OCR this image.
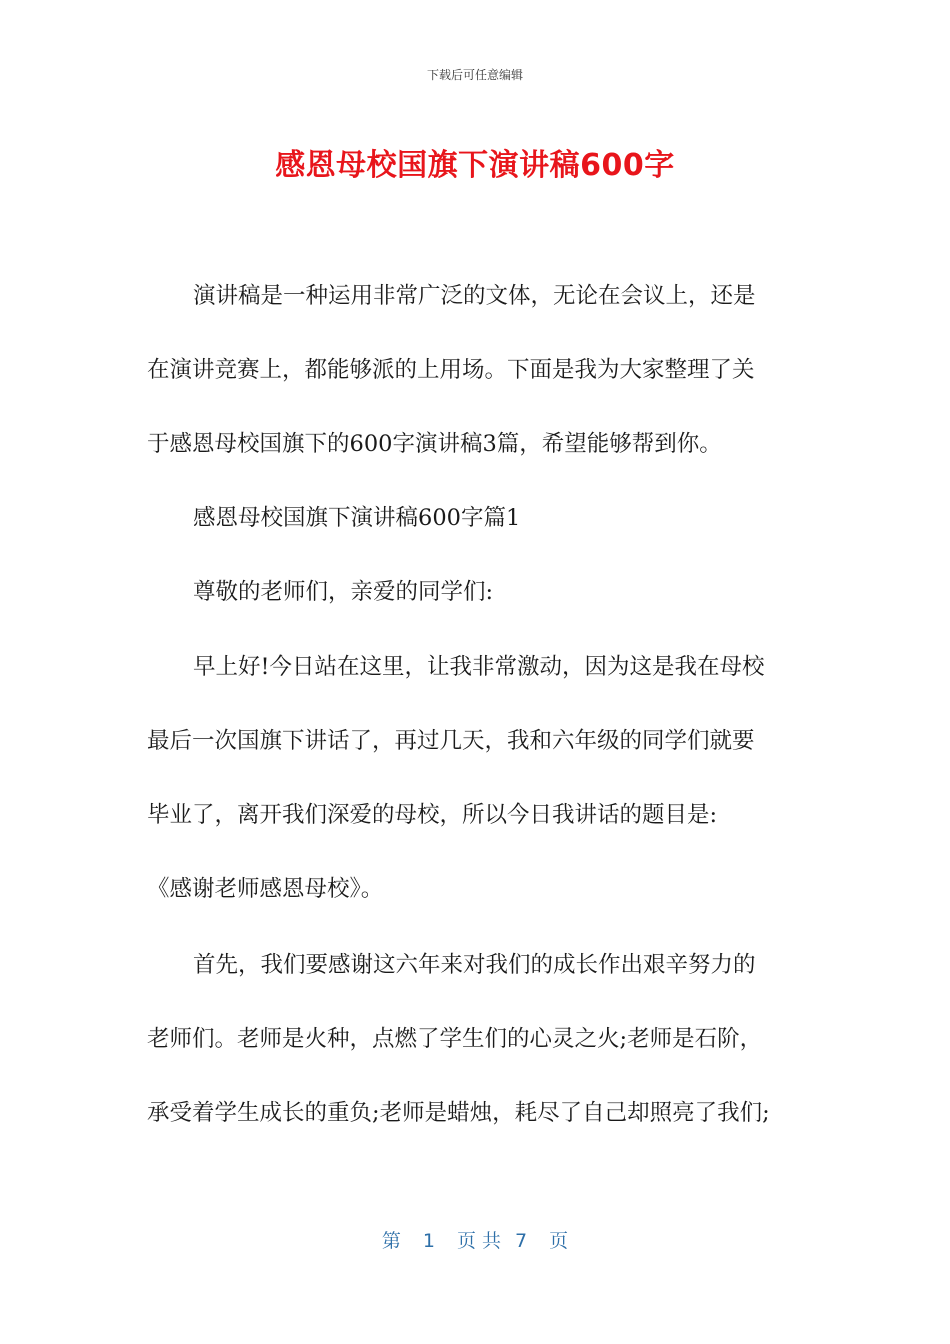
下载后可任意编辑
感恩母校国旗下演讲稿600字
演讲稿是一种运用非常广泛的文体，无论在会议上，还是
在演讲竞赛上，都能够派的上用场。下面是我为大家整理了关
于感恩母校国旗下的600字演讲稿3篇，希望能够帮到你。
感恩母校国旗下演讲稿600字篇1
尊敬的老师们，亲爱的同学们:
早上好!今日站在这里，让我非常激动，因为这是我在母校
最后一次国旗下讲话了，再过几天，我和六年级的同学们就要
毕业了，离开我们深爱的母校，所以今日我讲话的题目是:
《感谢老师感恩母校》。
首先，我们要感谢这六年来对我们的成长作出艰辛努力的
老师们。老师是火种，点燃了学生们的心灵之火;老师是石阶，
承受着学生成长的重负;老师是蜡烛，耗尽了自己却照亮了我们;
第 1 页 共 7 页
